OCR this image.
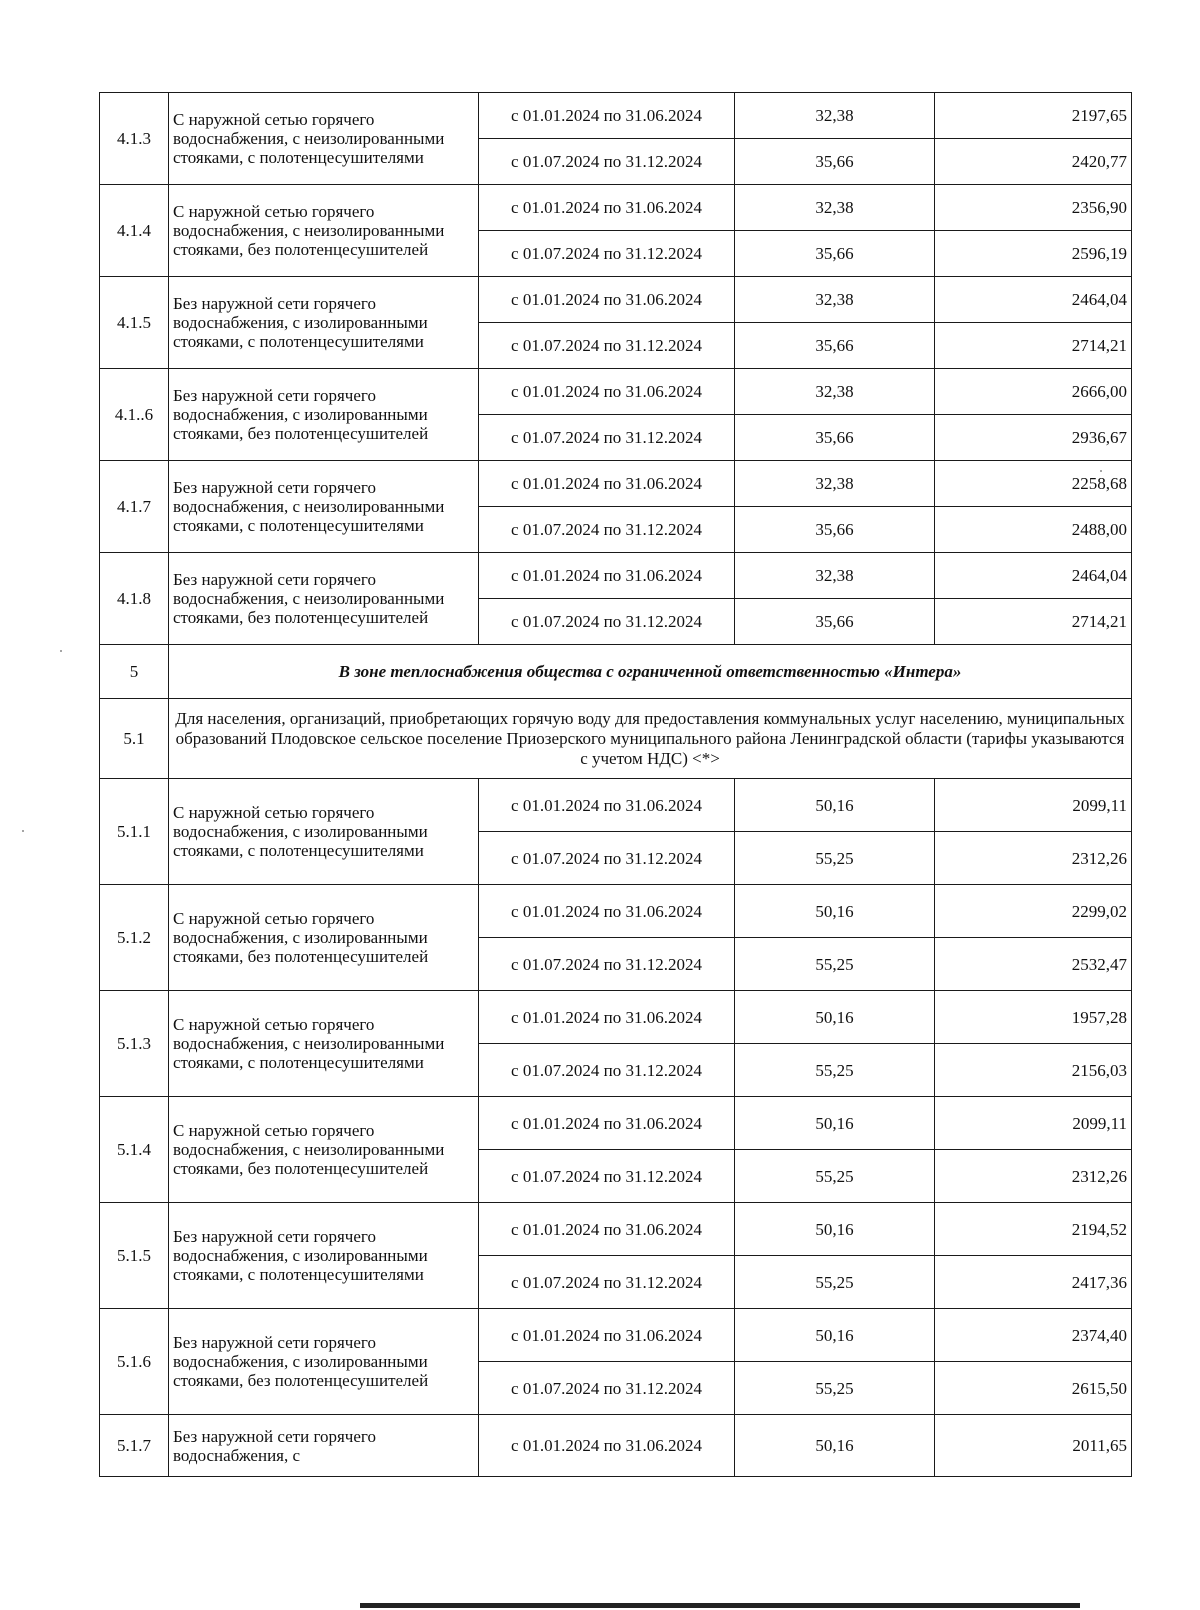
4.1.3	С наружной сетью горячего водоснабжения, с неизолированными стояками, с полотенцесушителями	с 01.01.2024 по 31.06.2024	32,38	2197,65
		с 01.07.2024 по 31.12.2024	35,66	2420,77
4.1.4	С наружной сетью горячего водоснабжения, с неизолированными стояками, без полотенцесушителей	с 01.01.2024 по 31.06.2024	32,38	2356,90
		с 01.07.2024 по 31.12.2024	35,66	2596,19
4.1.5	Без наружной сети горячего водоснабжения, с изолированными стояками, с полотенцесушителями	с 01.01.2024 по 31.06.2024	32,38	2464,04
		с 01.07.2024 по 31.12.2024	35,66	2714,21
4.1..6	Без наружной сети горячего водоснабжения, с изолированными стояками, без полотенцесушителей	с 01.01.2024 по 31.06.2024	32,38	2666,00
		с 01.07.2024 по 31.12.2024	35,66	2936,67
4.1.7	Без наружной сети горячего водоснабжения, с неизолированными стояками, с полотенцесушителями	с 01.01.2024 по 31.06.2024	32,38	2258,68
		с 01.07.2024 по 31.12.2024	35,66	2488,00
4.1.8	Без наружной сети горячего водоснабжения, с неизолированными стояками, без полотенцесушителей	с 01.01.2024 по 31.06.2024	32,38	2464,04
		с 01.07.2024 по 31.12.2024	35,66	2714,21
5	В зоне теплоснабжения общества с ограниченной ответственностью «Интера»			
5.1	Для населения, организаций, приобретающих горячую воду для предоставления коммунальных услуг населению, муниципальных образований Плодовское сельское поселение Приозерского муниципального района Ленинградской области (тарифы указываются с учетом НДС) <*>			
5.1.1	С наружной сетью горячего водоснабжения, с изолированными стояками, с полотенцесушителями	с 01.01.2024 по 31.06.2024	50,16	2099,11
		с 01.07.2024 по 31.12.2024	55,25	2312,26
5.1.2	С наружной сетью горячего водоснабжения, с изолированными стояками, без полотенцесушителей	с 01.01.2024 по 31.06.2024	50,16	2299,02
		с 01.07.2024 по 31.12.2024	55,25	2532,47
5.1.3	С наружной сетью горячего водоснабжения, с неизолированными стояками, с полотенцесушителями	с 01.01.2024 по 31.06.2024	50,16	1957,28
		с 01.07.2024 по 31.12.2024	55,25	2156,03
5.1.4	С наружной сетью горячего водоснабжения, с неизолированными стояками, без полотенцесушителей	с 01.01.2024 по 31.06.2024	50,16	2099,11
		с 01.07.2024 по 31.12.2024	55,25	2312,26
5.1.5	Без наружной сети горячего водоснабжения, с изолированными стояками, с полотенцесушителями	с 01.01.2024 по 31.06.2024	50,16	2194,52
		с 01.07.2024 по 31.12.2024	55,25	2417,36
5.1.6	Без наружной сети горячего водоснабжения, с изолированными стояками, без полотенцесушителей	с 01.01.2024 по 31.06.2024	50,16	2374,40
		с 01.07.2024 по 31.12.2024	55,25	2615,50
5.1.7	Без наружной сети горячего водоснабжения, с	с 01.01.2024 по 31.06.2024	50,16	2011,65
